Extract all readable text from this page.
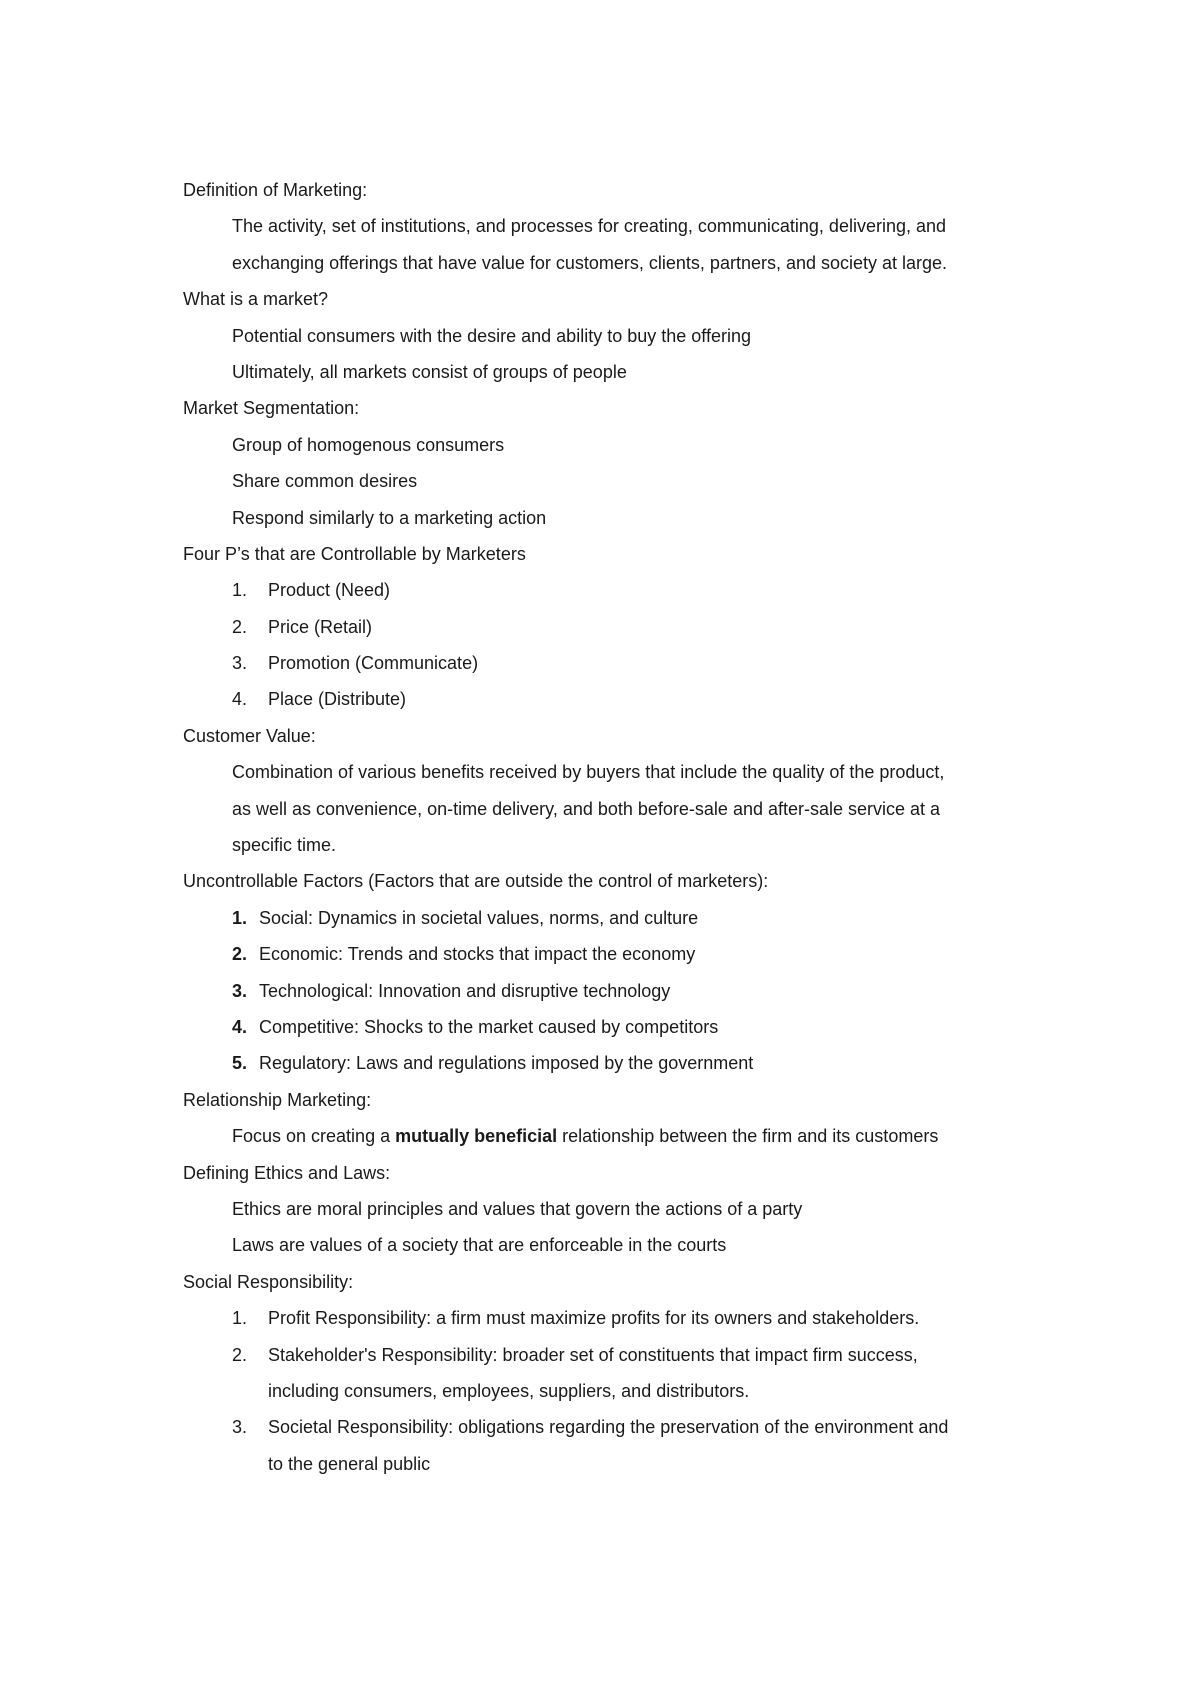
Definition of Marketing:
The activity, set of institutions, and processes for creating, communicating, delivering, and
exchanging offerings that have value for customers, clients, partners, and society at large.
What is a market?
Potential consumers with the desire and ability to buy the offering
Ultimately, all markets consist of groups of people
Market Segmentation:
Group of homogenous consumers
Share common desires
Respond similarly to a marketing action
Four P’s that are Controllable by Marketers
1. Product (Need)
2. Price (Retail)
3. Promotion (Communicate)
4. Place (Distribute)
Customer Value:
Combination of various benefits received by buyers that include the quality of the product,
as well as convenience, on-time delivery, and both before-sale and after-sale service at a
specific time.
Uncontrollable Factors (Factors that are outside the control of marketers):
1. Social: Dynamics in societal values, norms, and culture
2. Economic: Trends and stocks that impact the economy
3. Technological: Innovation and disruptive technology
4. Competitive: Shocks to the market caused by competitors
5. Regulatory: Laws and regulations imposed by the government
Relationship Marketing:
Focus on creating a mutually beneficial relationship between the firm and its customers
Defining Ethics and Laws:
Ethics are moral principles and values that govern the actions of a party
Laws are values of a society that are enforceable in the courts
Social Responsibility:
1. Profit Responsibility: a firm must maximize profits for its owners and stakeholders.
2. Stakeholder's Responsibility: broader set of constituents that impact firm success,
including consumers, employees, suppliers, and distributors.
3. Societal Responsibility: obligations regarding the preservation of the environment and
to the general public
